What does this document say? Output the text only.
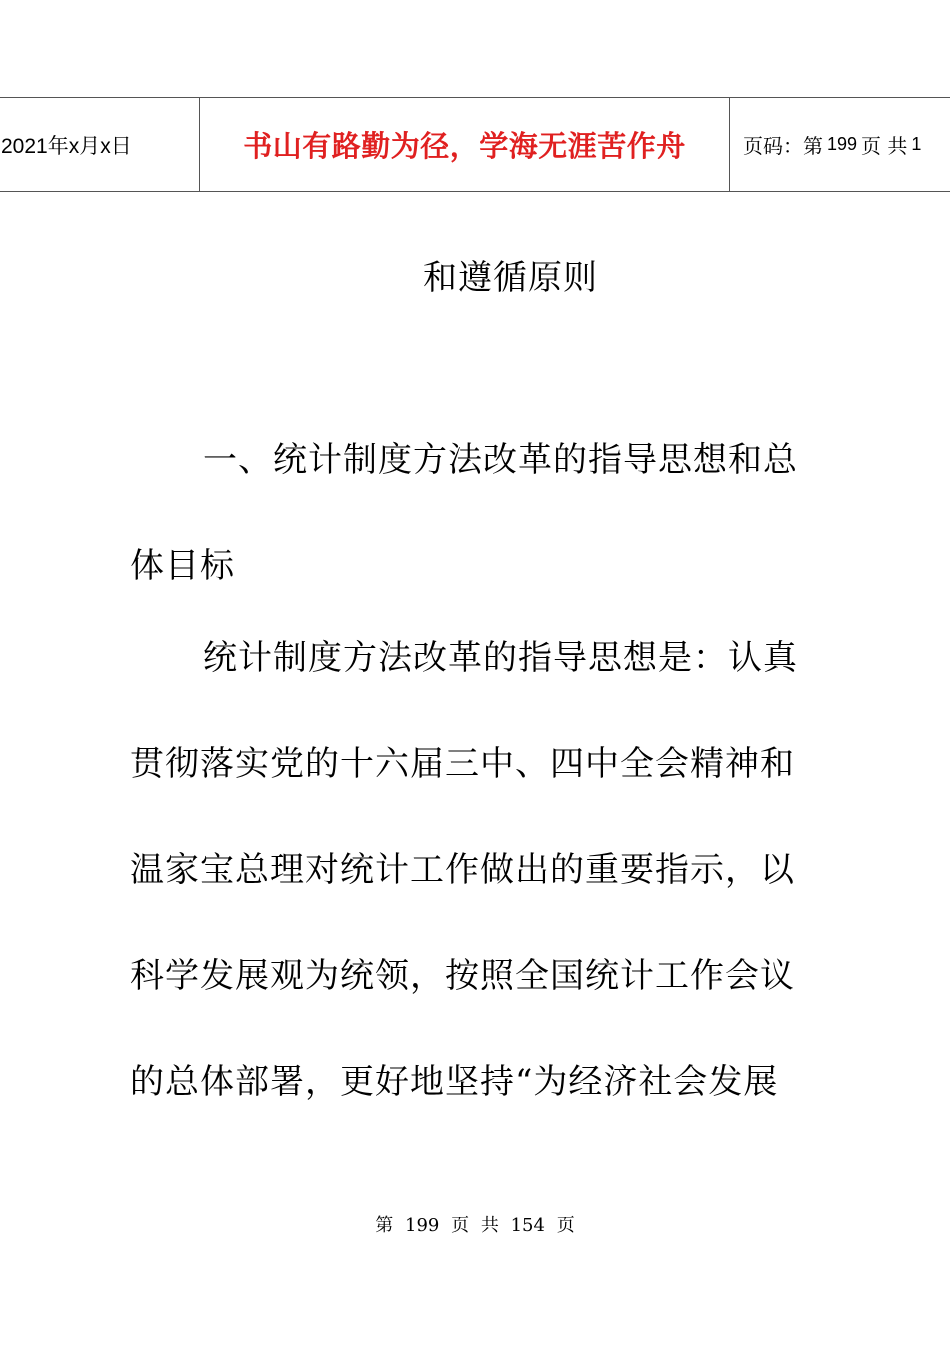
2021年x月x日	书山有路勤为径，学海无涯苦作舟	页码：第 199 页 共 1
和遵循原则
一、统计制度方法改革的指导思想和总
体目标
统计制度方法改革的指导思想是：认真
贯彻落实党的十六届三中、四中全会精神和
温家宝总理对统计工作做出的重要指示，以
科学发展观为统领，按照全国统计工作会议
的总体部署，更好地坚持“为经济社会发展
第 199 页 共 154 页
